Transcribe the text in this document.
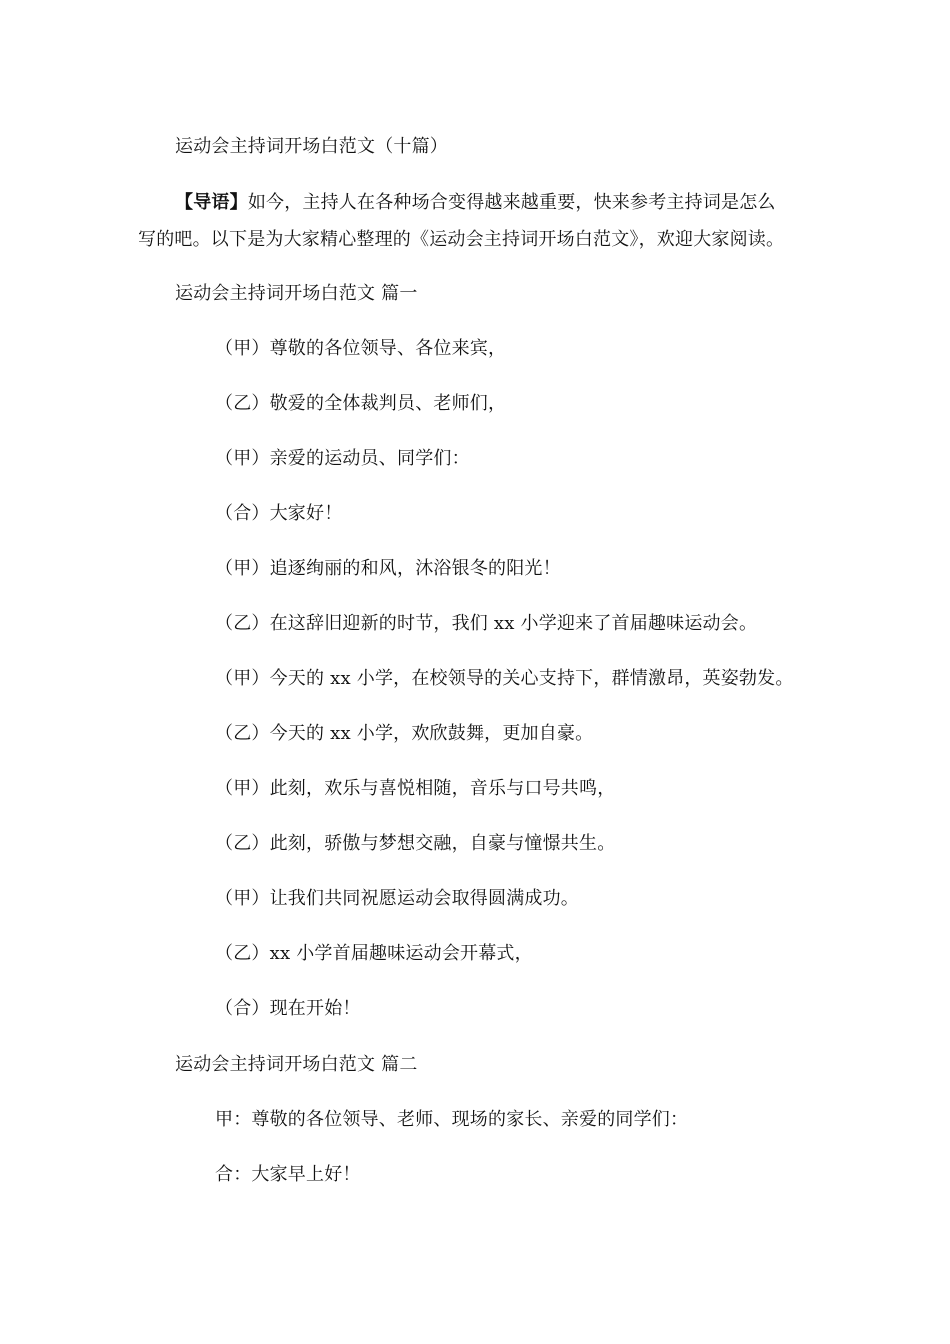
运动会主持词开场白范文（十篇）
【导语】如今，主持人在各种场合变得越来越重要，快来参考主持词是怎么
写的吧。以下是为大家精心整理的《运动会主持词开场白范文》，欢迎大家阅读。
运动会主持词开场白范文 篇一
（甲）尊敬的各位领导、各位来宾，
（乙）敬爱的全体裁判员、老师们，
（甲）亲爱的运动员、同学们：
（合）大家好！
（甲）追逐绚丽的和风，沐浴银冬的阳光！
（乙）在这辞旧迎新的时节，我们 xx 小学迎来了首届趣味运动会。
（甲）今天的 xx 小学，在校领导的关心支持下，群情激昂，英姿勃发。
（乙）今天的 xx 小学，欢欣鼓舞，更加自豪。
（甲）此刻，欢乐与喜悦相随，音乐与口号共鸣，
（乙）此刻，骄傲与梦想交融，自豪与憧憬共生。
（甲）让我们共同祝愿运动会取得圆满成功。
（乙）xx 小学首届趣味运动会开幕式，
（合）现在开始！
运动会主持词开场白范文 篇二
甲：尊敬的各位领导、老师、现场的家长、亲爱的同学们：
合：大家早上好！
